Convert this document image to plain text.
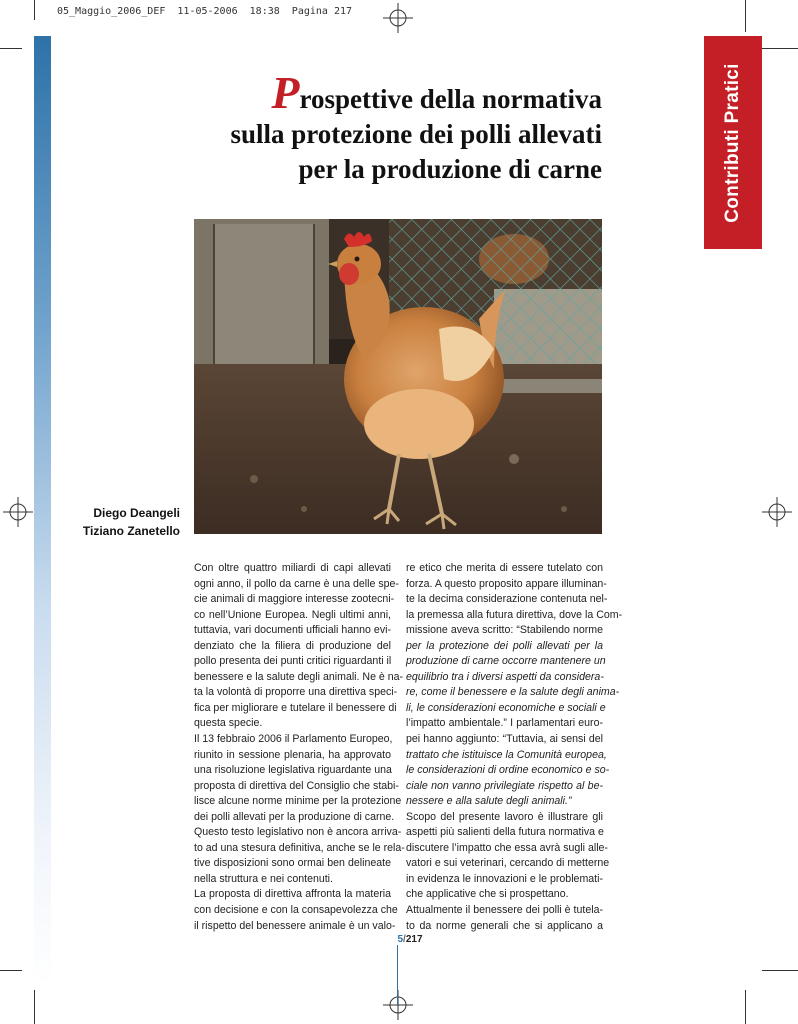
05_Maggio_2006_DEF  11-05-2006  18:38  Pagina 217
Contributi Pratici
Prospettive della normativa
sulla protezione dei polli allevati
per la produzione di carne
Diego Deangeli
Tiziano Zanetello

Con oltre quattro miliardi di capi allevati
ogni anno, il pollo da carne è una delle spe-
cie animali di maggiore interesse zootecni-
co nell’Unione Europea. Negli ultimi anni,
tuttavia, vari documenti ufficiali hanno evi-
denziato che la filiera di produzione del
pollo presenta dei punti critici riguardanti il
benessere e la salute degli animali. Ne è na-
ta la volontà di proporre una direttiva speci-
fica per migliorare e tutelare il benessere di
questa specie.

Il 13 febbraio 2006 il Parlamento Europeo,
riunito in sessione plenaria, ha approvato
una risoluzione legislativa riguardante una
proposta di direttiva del Consiglio che stabi-
lisce alcune norme minime per la protezione
dei polli allevati per la produzione di carne.
Questo testo legislativo non è ancora arriva-
to ad una stesura definitiva, anche se le rela-
tive disposizioni sono ormai ben delineate
nella struttura e nei contenuti.

La proposta di direttiva affronta la materia
con decisione e con la consapevolezza che
il rispetto del benessere animale è un valo-

re etico che merita di essere tutelato con
forza. A questo proposito appare illuminan-
te la decima considerazione contenuta nel-
la premessa alla futura direttiva, dove la Com-
missione aveva scritto: “Stabilendo norme
per la protezione dei polli allevati per la
produzione di carne occorre mantenere un
equilibrio tra i diversi aspetti da considera-
re, come il benessere e la salute degli anima-
li, le considerazioni economiche e sociali e
l’impatto ambientale.” I parlamentari euro-
pei hanno aggiunto: “Tuttavia, ai sensi del
trattato che istituisce la Comunità europea,
le considerazioni di ordine economico e so-
ciale non vanno privilegiate rispetto al be-
nessere e alla salute degli animali.”

Scopo del presente lavoro è illustrare gli
aspetti più salienti della futura normativa e
discutere l’impatto che essa avrà sugli alle-
vatori e sui veterinari, cercando di metterne
in evidenza le innovazioni e le problemati-
che applicative che si prospettano.

Attualmente il benessere dei polli è tutela-
to da norme generali che si applicano a

5/217
